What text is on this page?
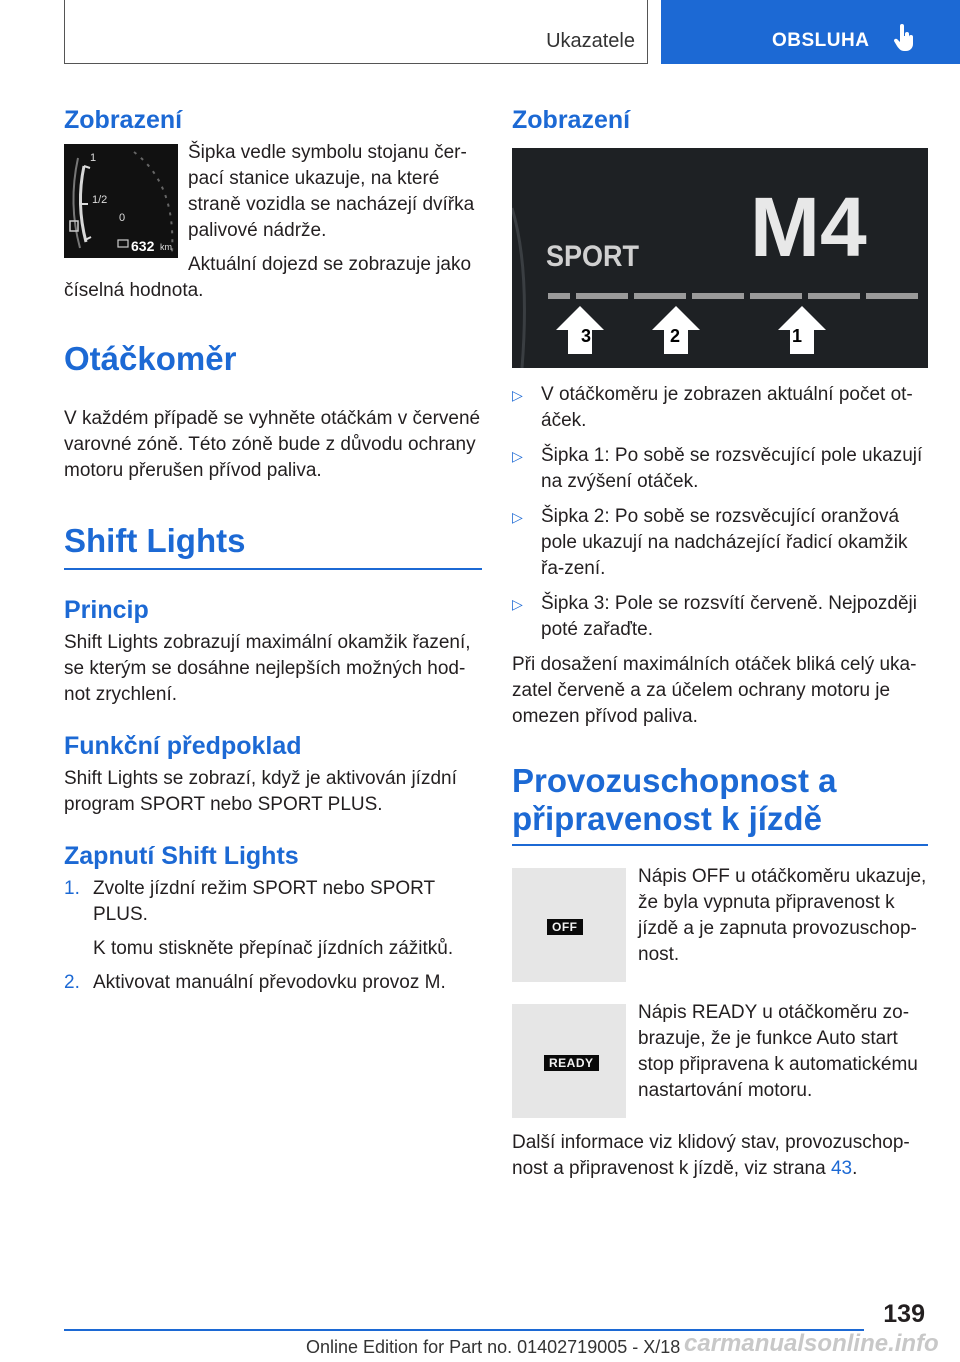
Ukazatele	OBSLUHA
Zobrazení
1
1/2
0
632 km

Šipka vedle symbolu stojanu čer-pací stanice ukazuje, na které straně vozidla se nacházejí dvířka palivové nádrže.

Aktuální dojezd se zobrazuje jako číselná hodnota.

Otáčkoměr

V každém případě se vyhněte otáčkám v červené varovné zóně. Této zóně bude z důvodu ochrany motoru přerušen přívod paliva.

Shift Lights
Princip

Shift Lights zobrazují maximální okamžik řazení, se kterým se dosáhne nejlepších možných hod-not zrychlení.

Funkční předpoklad

Shift Lights se zobrazí, když je aktivován jízdní program SPORT nebo SPORT PLUS.

Zapnutí Shift Lights
1. Zvolte jízdní režim SPORT nebo SPORT PLUS.

K tomu stiskněte přepínač jízdních zážitků.

2. Aktivovat manuální převodovku provoz M.
Zobrazení
SPORT M4
3	2	1
▷ V otáčkoměru je zobrazen aktuální počet ot-áček.
▷ Šipka 1: Po sobě se rozsvěcující pole ukazují na zvýšení otáček.
▷ Šipka 2: Po sobě se rozsvěcující oranžová pole ukazují na nadcházející řadicí okamžik řa-zení.
▷ Šipka 3: Pole se rozsvítí červeně. Nejpozději poté zařaďte.

Při dosažení maximálních otáček bliká celý uka-zatel červeně a za účelem ochrany motoru je omezen přívod paliva.

Provozuschopnost a
připravenost k jízdě
OFF

Nápis OFF u otáčkoměru ukazuje, že byla vypnuta připravenost k jízdě a je zapnuta provozuschop-nost.

READY

Nápis READY u otáčkoměru zo-brazuje, že je funkce Auto start stop připravena k automatickému nastartování motoru.

Další informace viz klidový stav, provozuschop-nost a připravenost k jízdě, viz strana 43.

139
Online Edition for Part no. 01402719005 - X/18 carmanualsonline.info
